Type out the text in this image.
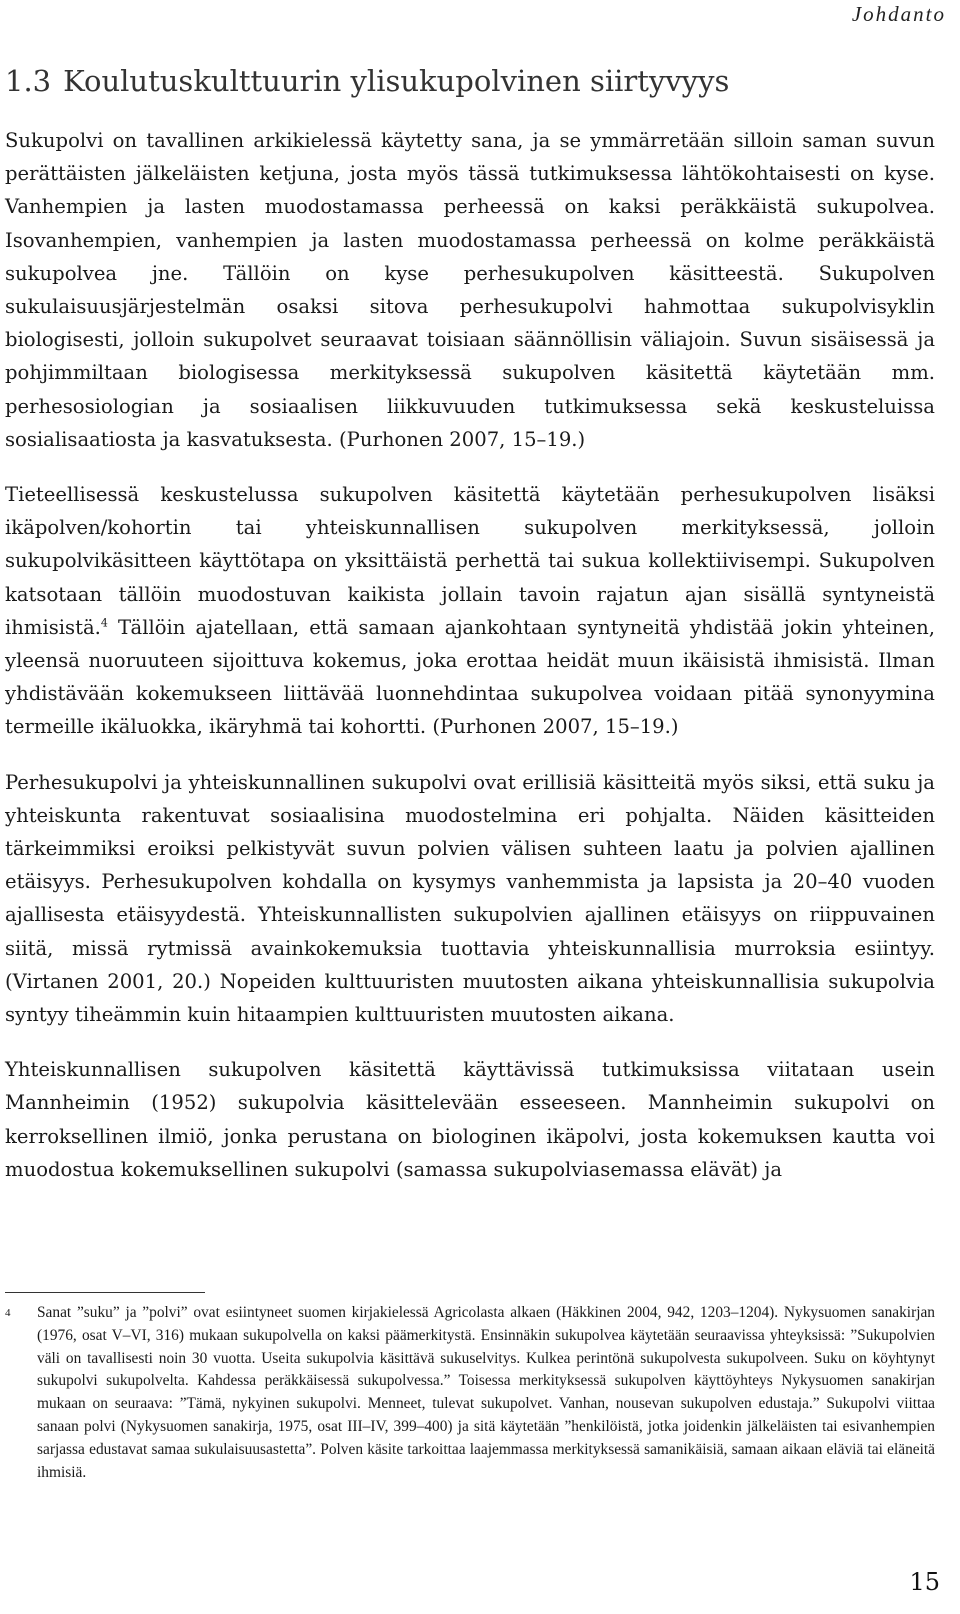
Johdanto
1.3 Koulutuskulttuurin ylisukupolvinen siirtyvyys

Sukupolvi on tavallinen arkikielessä käytetty sana, ja se ymmärretään silloin saman suvun perättäisten jälkeläisten ketjuna, josta myös tässä tutkimuksessa lähtökohtaisesti on kyse. Vanhempien ja lasten muodostamassa perheessä on kaksi peräkkäistä sukupolvea. Isovanhempien, vanhempien ja lasten muodostamassa perheessä on kolme peräkkäistä sukupolvea jne. Tällöin on kyse perhesukupolven käsitteestä. Sukupolven sukulaisuusjärjestelmän osaksi sitova perhesukupolvi hahmottaa sukupolvisyklin biologisesti, jolloin sukupolvet seuraavat toisiaan säännöllisin väliajoin. Suvun sisäisessä ja pohjimmiltaan biologisessa merkityksessä sukupolven käsitettä käytetään mm. perhesosiologian ja sosiaalisen liikkuvuuden tutkimuksessa sekä keskusteluissa sosialisaatiosta ja kasvatuksesta. (Purhonen 2007, 15–19.)

Tieteellisessä keskustelussa sukupolven käsitettä käytetään perhesukupolven lisäksi ikäpolven/kohortin tai yhteiskunnallisen sukupolven merkityksessä, jolloin sukupolvikäsitteen käyttötapa on yksittäistä perhettä tai sukua kollektiivisempi. Sukupolven katsotaan tällöin muodostuvan kaikista jollain tavoin rajatun ajan sisällä syntyneistä ihmisistä.$^4$ Tällöin ajatellaan, että samaan ajankohtaan syntyneitä yhdistää jokin yhteinen, yleensä nuoruuteen sijoittuva kokemus, joka erottaa heidät muun ikäisistä ihmisistä. Ilman yhdistävään kokemukseen liittävää luonnehdintaa sukupolvea voidaan pitää synonyymina termeille ikäluokka, ikäryhmä tai kohortti. (Purhonen 2007, 15–19.)

Perhesukupolvi ja yhteiskunnallinen sukupolvi ovat erillisiä käsitteitä myös siksi, että suku ja yhteiskunta rakentuvat sosiaalisina muodostelmina eri pohjalta. Näiden käsitteiden tärkeimmiksi eroiksi pelkistyvät suvun polvien välisen suhteen laatu ja polvien ajallinen etäisyys. Perhesukupolven kohdalla on kysymys vanhemmista ja lapsista ja 20–40 vuoden ajallisesta etäisyydestä. Yhteiskunnallisten sukupolvien ajallinen etäisyys on riippuvainen siitä, missä rytmissä avainkokemuksia tuottavia yhteiskunnallisia murroksia esiintyy. (Virtanen 2001, 20.) Nopeiden kulttuuristen muutosten aikana yhteiskunnallisia sukupolvia syntyy tiheämmin kuin hitaampien kulttuuristen muutosten aikana.

Yhteiskunnallisen sukupolven käsitettä käyttävissä tutkimuksissa viitataan usein Mannheimin (1952) sukupolvia käsittelevään esseeseen. Mannheimin sukupolvi on kerroksellinen ilmiö, jonka perustana on biologinen ikäpolvi, josta kokemuksen kautta voi muodostua kokemuksellinen sukupolvi (samassa sukupolviasemassa elävät) ja

4 Sanat ”suku” ja ”polvi” ovat esiintyneet suomen kirjakielessä Agricolasta alkaen (Häkkinen 2004, 942, 1203–1204). Nykysuomen sanakirjan (1976, osat V–VI, 316) mukaan sukupolvella on kaksi päämerkitystä. Ensinnäkin sukupolvea käytetään seuraavissa yhteyksissä: ”Sukupolvien väli on tavallisesti noin 30 vuotta. Useita sukupolvia käsittävä sukuselvitys. Kulkea perintönä sukupolvesta sukupolveen. Suku on köyhtynyt sukupolvi sukupolvelta. Kahdessa peräkkäisessä sukupolvessa.” Toisessa merkityksessä sukupolven käyttöyhteys Nykysuomen sanakirjan mukaan on seuraava: ”Tämä, nykyinen sukupolvi. Menneet, tulevat sukupolvet. Vanhan, nousevan sukupolven edustaja.” Sukupolvi viittaa sanaan polvi (Nykysuomen sanakirja, 1975, osat III–IV, 399–400) ja sitä käytetään ”henkilöistä, jotka joidenkin jälkeläisten tai esivanhempien sarjassa edustavat samaa sukulaisuusastetta”. Polven käsite tarkoittaa laajemmassa merkityksessä samanikäisiä, samaan aikaan eläviä tai eläneitä ihmisiä.
15
